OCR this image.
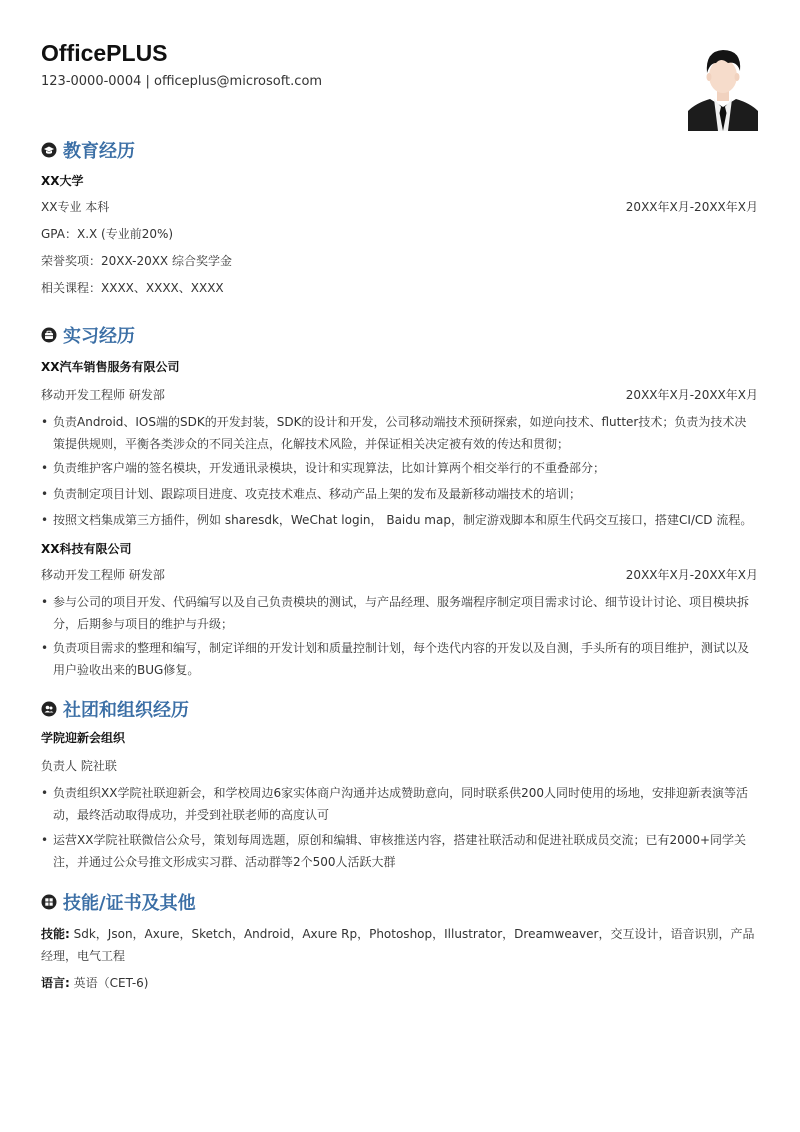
OfficePLUS
123-0000-0004 | officeplus@microsoft.com
教育经历
XX大学
XX专业 本科	20XX年X月-20XX年X月
GPA：X.X (专业前20%)
荣誉奖项：20XX-20XX 综合奖学金
相关课程：XXXX、XXXX、XXXX
实习经历
XX汽车销售服务有限公司
移动开发工程师 研发部	20XX年X月-20XX年X月
• 负责Android、IOS端的SDK的开发封装，SDK的设计和开发，公司移动端技术预研探索，如逆向技术、flutter技术；负责为技术决策提供规则，平衡各类涉众的不同关注点，化解技术风险，并保证相关决定被有效的传达和贯彻；
• 负责维护客户端的签名模块，开发通讯录模块，设计和实现算法，比如计算两个相交举行的不重叠部分；
• 负责制定项目计划、跟踪项目进度、攻克技术难点、移动产品上架的发布及最新移动端技术的培训；
• 按照文档集成第三方插件，例如 sharesdk，WeChat login， Baidu map，制定游戏脚本和原生代码交互接口，搭建CI/CD 流程。
XX科技有限公司
移动开发工程师 研发部	20XX年X月-20XX年X月
• 参与公司的项目开发、代码编写以及自己负责模块的测试，与产品经理、服务端程序制定项目需求讨论、细节设计讨论、项目模块拆分，后期参与项目的维护与升级；
• 负责项目需求的整理和编写，制定详细的开发计划和质量控制计划，每个迭代内容的开发以及自测，手头所有的项目维护，测试以及用户验收出来的BUG修复。
社团和组织经历
学院迎新会组织
负责人 院社联
• 负责组织XX学院社联迎新会，和学校周边6家实体商户沟通并达成赞助意向，同时联系供200人同时使用的场地，安排迎新表演等活动，最终活动取得成功，并受到社联老师的高度认可
• 运营XX学院社联微信公众号，策划每周选题，原创和编辑、审核推送内容，搭建社联活动和促进社联成员交流；已有2000+同学关注，并通过公众号推文形成实习群、活动群等2个500人活跃大群
技能/证书及其他
技能: Sdk，Json，Axure，Sketch，Android，Axure Rp，Photoshop，Illustrator，Dreamweaver，交互设计，语音识别，产品经理，电气工程
语言: 英语（CET-6)
